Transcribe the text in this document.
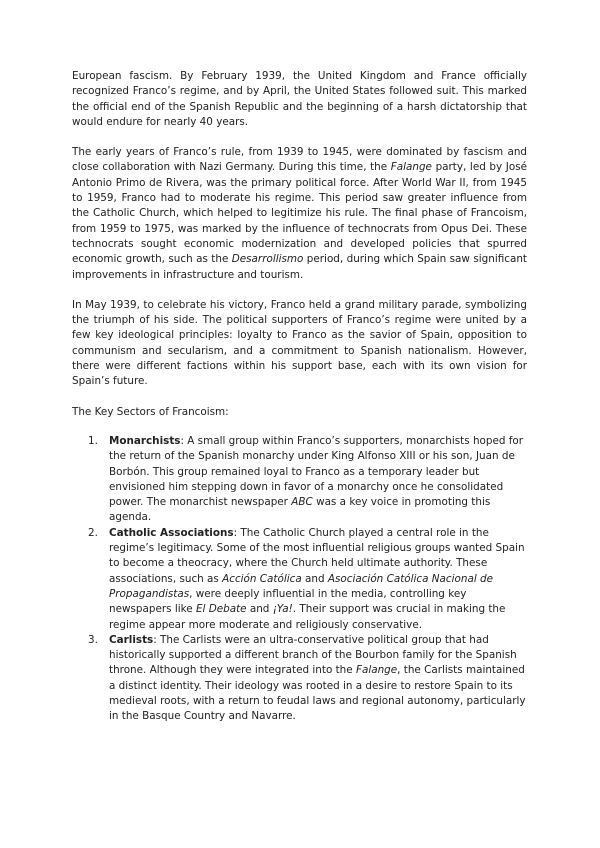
European fascism. By February 1939, the United Kingdom and France officially recognized Franco’s regime, and by April, the United States followed suit. This marked the official end of the Spanish Republic and the beginning of a harsh dictatorship that would endure for nearly 40 years.

The early years of Franco’s rule, from 1939 to 1945, were dominated by fascism and close collaboration with Nazi Germany. During this time, the Falange party, led by José Antonio Primo de Rivera, was the primary political force. After World War II, from 1945 to 1959, Franco had to moderate his regime. This period saw greater influence from the Catholic Church, which helped to legitimize his rule. The final phase of Francoism, from 1959 to 1975, was marked by the influence of technocrats from Opus Dei. These technocrats sought economic modernization and developed policies that spurred economic growth, such as the Desarrollismo period, during which Spain saw significant improvements in infrastructure and tourism.

In May 1939, to celebrate his victory, Franco held a grand military parade, symbolizing the triumph of his side. The political supporters of Franco’s regime were united by a few key ideological principles: loyalty to Franco as the savior of Spain, opposition to communism and secularism, and a commitment to Spanish nationalism. However, there were different factions within his support base, each with its own vision for Spain’s future.

The Key Sectors of Francoism:

1. Monarchists: A small group within Franco’s supporters, monarchists hoped for the return of the Spanish monarchy under King Alfonso XIII or his son, Juan de Borbón. This group remained loyal to Franco as a temporary leader but envisioned him stepping down in favor of a monarchy once he consolidated power. The monarchist newspaper ABC was a key voice in promoting this agenda.
2. Catholic Associations: The Catholic Church played a central role in the regime’s legitimacy. Some of the most influential religious groups wanted Spain to become a theocracy, where the Church held ultimate authority. These associations, such as Acción Católica and Asociación Católica Nacional de Propagandistas, were deeply influential in the media, controlling key newspapers like El Debate and ¡Ya!. Their support was crucial in making the regime appear more moderate and religiously conservative.
3. Carlists: The Carlists were an ultra-conservative political group that had historically supported a different branch of the Bourbon family for the Spanish throne. Although they were integrated into the Falange, the Carlists maintained a distinct identity. Their ideology was rooted in a desire to restore Spain to its medieval roots, with a return to feudal laws and regional autonomy, particularly in the Basque Country and Navarre.
